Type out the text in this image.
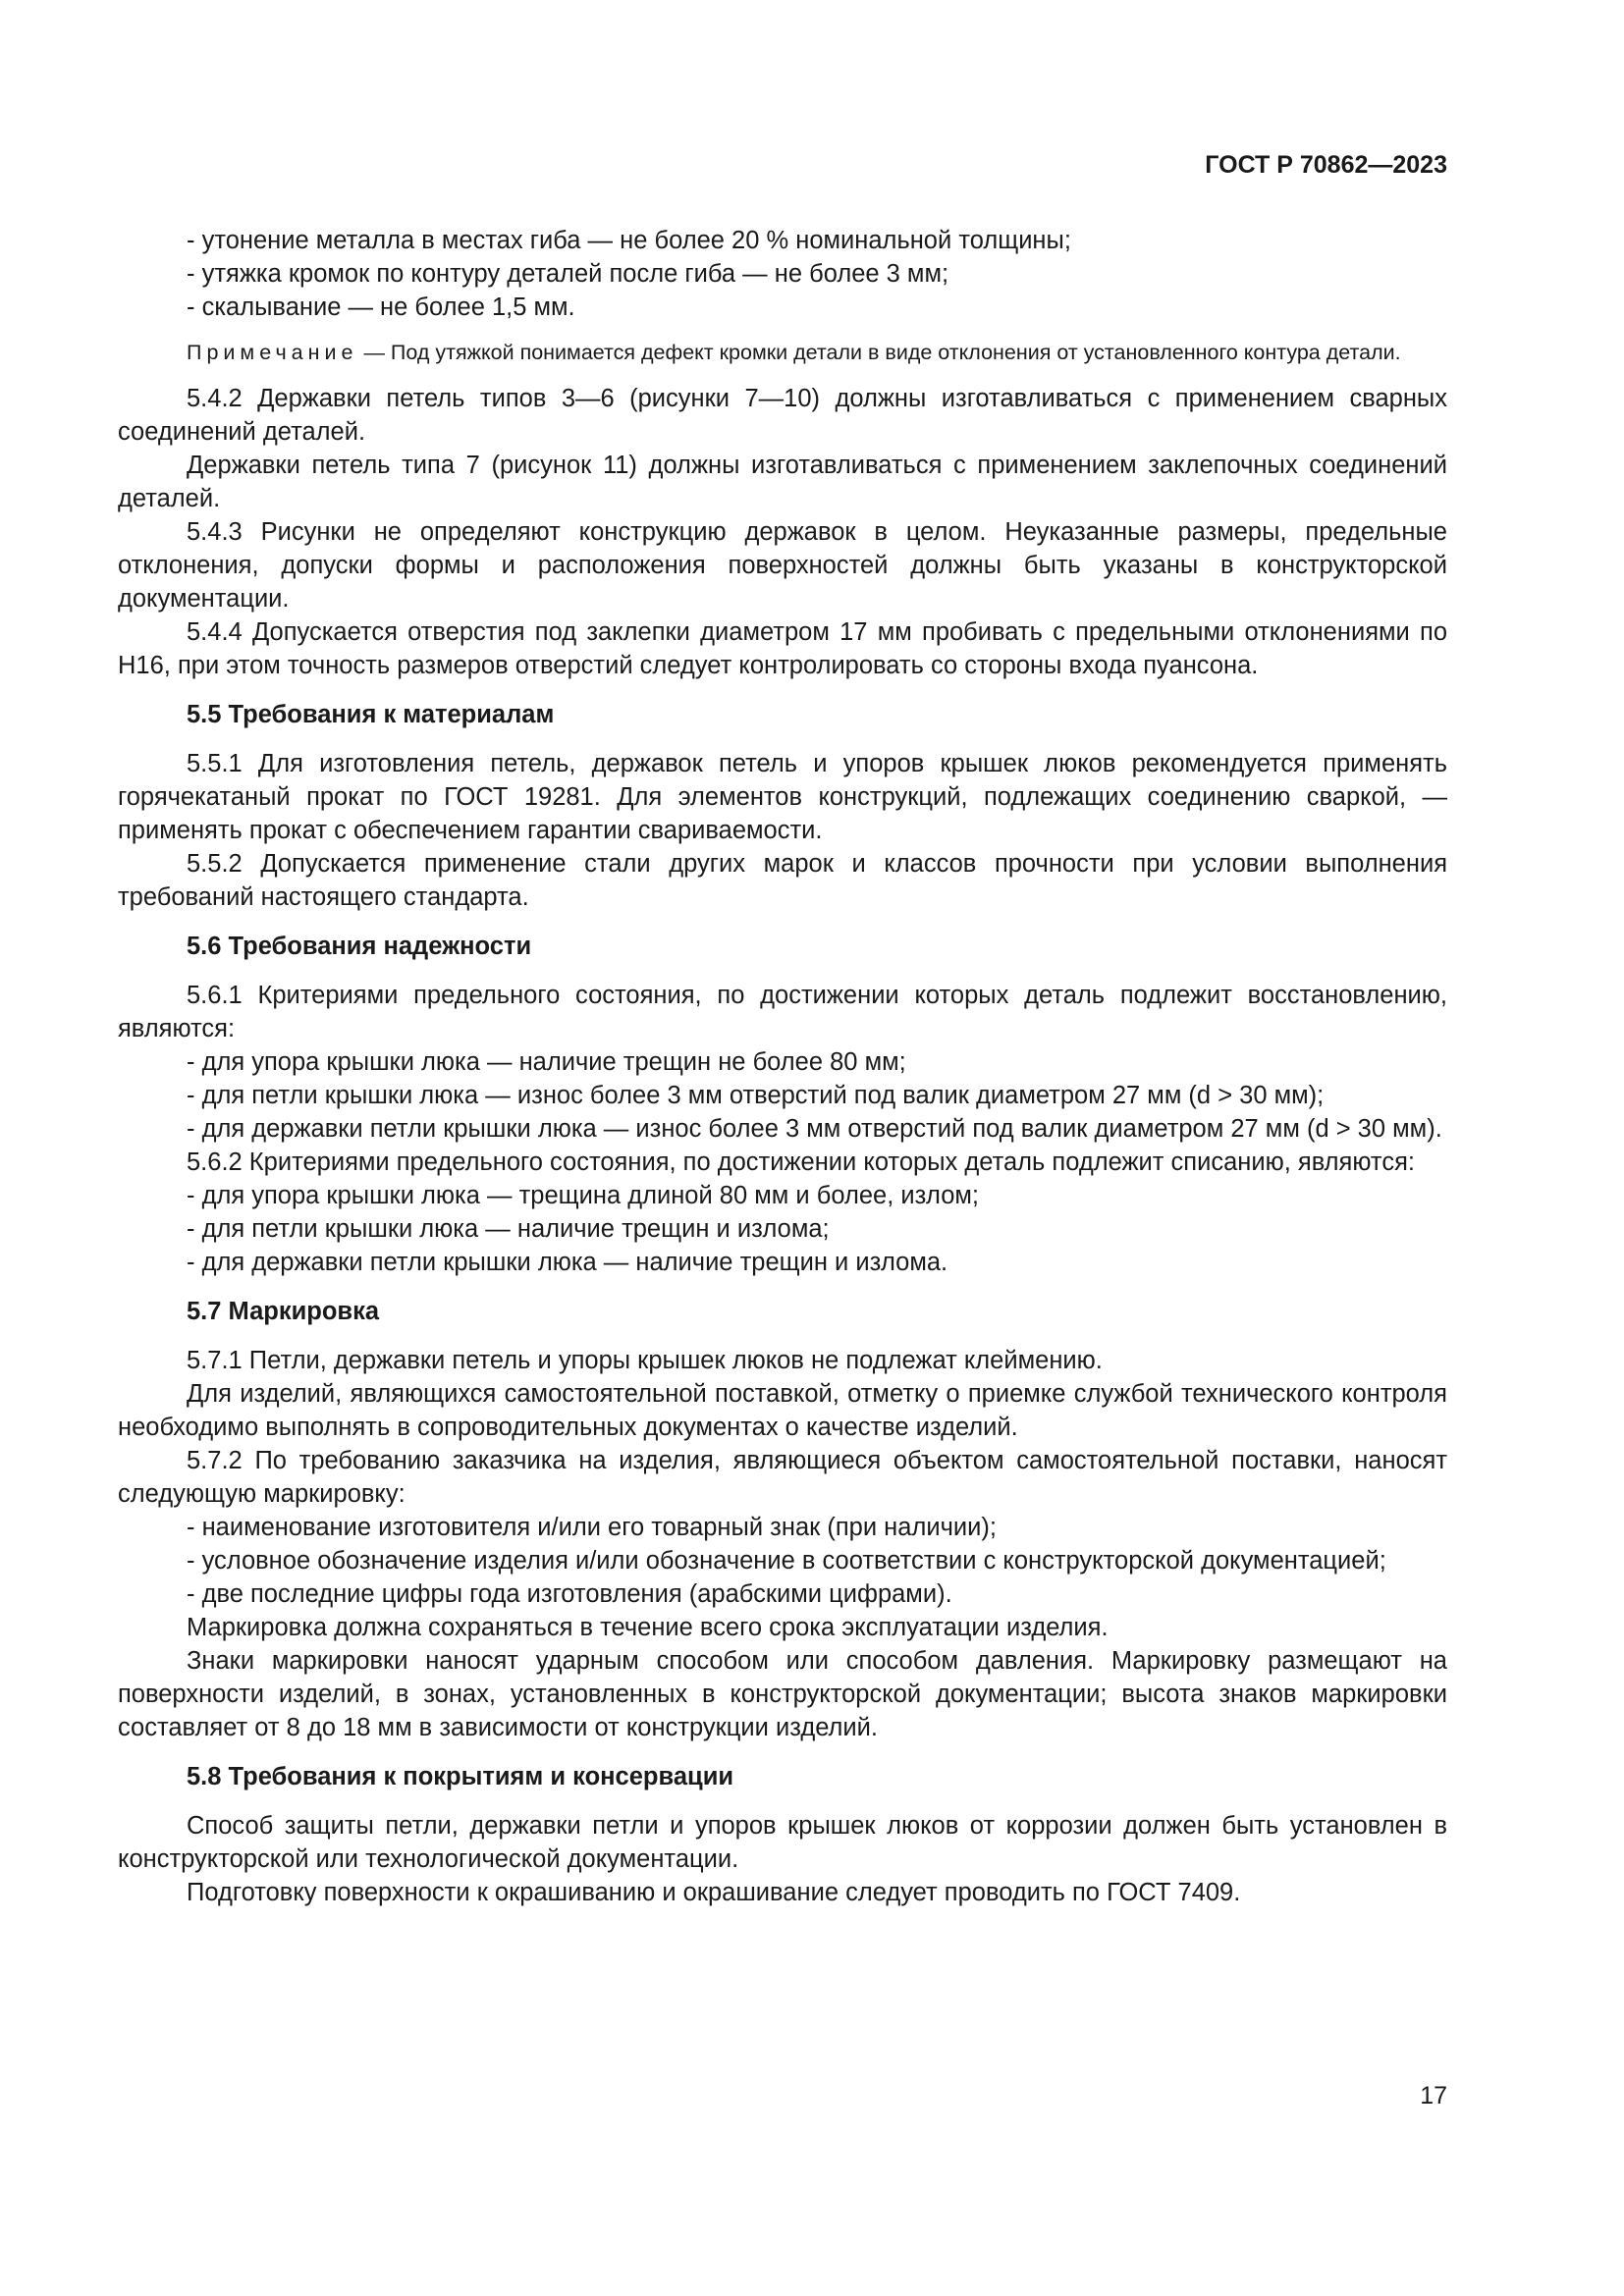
ГОСТ Р 70862—2023

- утонение металла в местах гиба — не более 20 % номинальной толщины;

- утяжка кромок по контуру деталей после гиба — не более 3 мм;

- скалывание — не более 1,5 мм.

Примечание — Под утяжкой понимается дефект кромки детали в виде отклонения от установленного контура детали.

5.4.2 Державки петель типов 3—6 (рисунки 7—10) должны изготавливаться с применением сварных соединений деталей.

Державки петель типа 7 (рисунок 11) должны изготавливаться с применением заклепочных соединений деталей.

5.4.3 Рисунки не определяют конструкцию державок в целом. Неуказанные размеры, предельные отклонения, допуски формы и расположения поверхностей должны быть указаны в конструкторской документации.

5.4.4 Допускается отверстия под заклепки диаметром 17 мм пробивать с предельными отклонениями по H16, при этом точность размеров отверстий следует контролировать со стороны входа пуансона.

5.5 Требования к материалам

5.5.1 Для изготовления петель, державок петель и упоров крышек люков рекомендуется применять горячекатаный прокат по ГОСТ 19281. Для элементов конструкций, подлежащих соединению сваркой, — применять прокат с обеспечением гарантии свариваемости.

5.5.2 Допускается применение стали других марок и классов прочности при условии выполнения требований настоящего стандарта.

5.6 Требования надежности

5.6.1 Критериями предельного состояния, по достижении которых деталь подлежит восстановлению, являются:

- для упора крышки люка — наличие трещин не более 80 мм;

- для петли крышки люка — износ более 3 мм отверстий под валик диаметром 27 мм (d > 30 мм);

- для державки петли крышки люка — износ более 3 мм отверстий под валик диаметром 27 мм (d > 30 мм).

5.6.2 Критериями предельного состояния, по достижении которых деталь подлежит списанию, являются:

- для упора крышки люка — трещина длиной 80 мм и более, излом;

- для петли крышки люка — наличие трещин и излома;

- для державки петли крышки люка — наличие трещин и излома.

5.7 Маркировка

5.7.1 Петли, державки петель и упоры крышек люков не подлежат клеймению.

Для изделий, являющихся самостоятельной поставкой, отметку о приемке службой технического контроля необходимо выполнять в сопроводительных документах о качестве изделий.

5.7.2 По требованию заказчика на изделия, являющиеся объектом самостоятельной поставки, наносят следующую маркировку:

- наименование изготовителя и/или его товарный знак (при наличии);

- условное обозначение изделия и/или обозначение в соответствии с конструкторской документацией;

- две последние цифры года изготовления (арабскими цифрами).

Маркировка должна сохраняться в течение всего срока эксплуатации изделия.

Знаки маркировки наносят ударным способом или способом давления. Маркировку размещают на поверхности изделий, в зонах, установленных в конструкторской документации; высота знаков маркировки составляет от 8 до 18 мм в зависимости от конструкции изделий.

5.8 Требования к покрытиям и консервации

Способ защиты петли, державки петли и упоров крышек люков от коррозии должен быть установлен в конструкторской или технологической документации.

Подготовку поверхности к окрашиванию и окрашивание следует проводить по ГОСТ 7409.

17
